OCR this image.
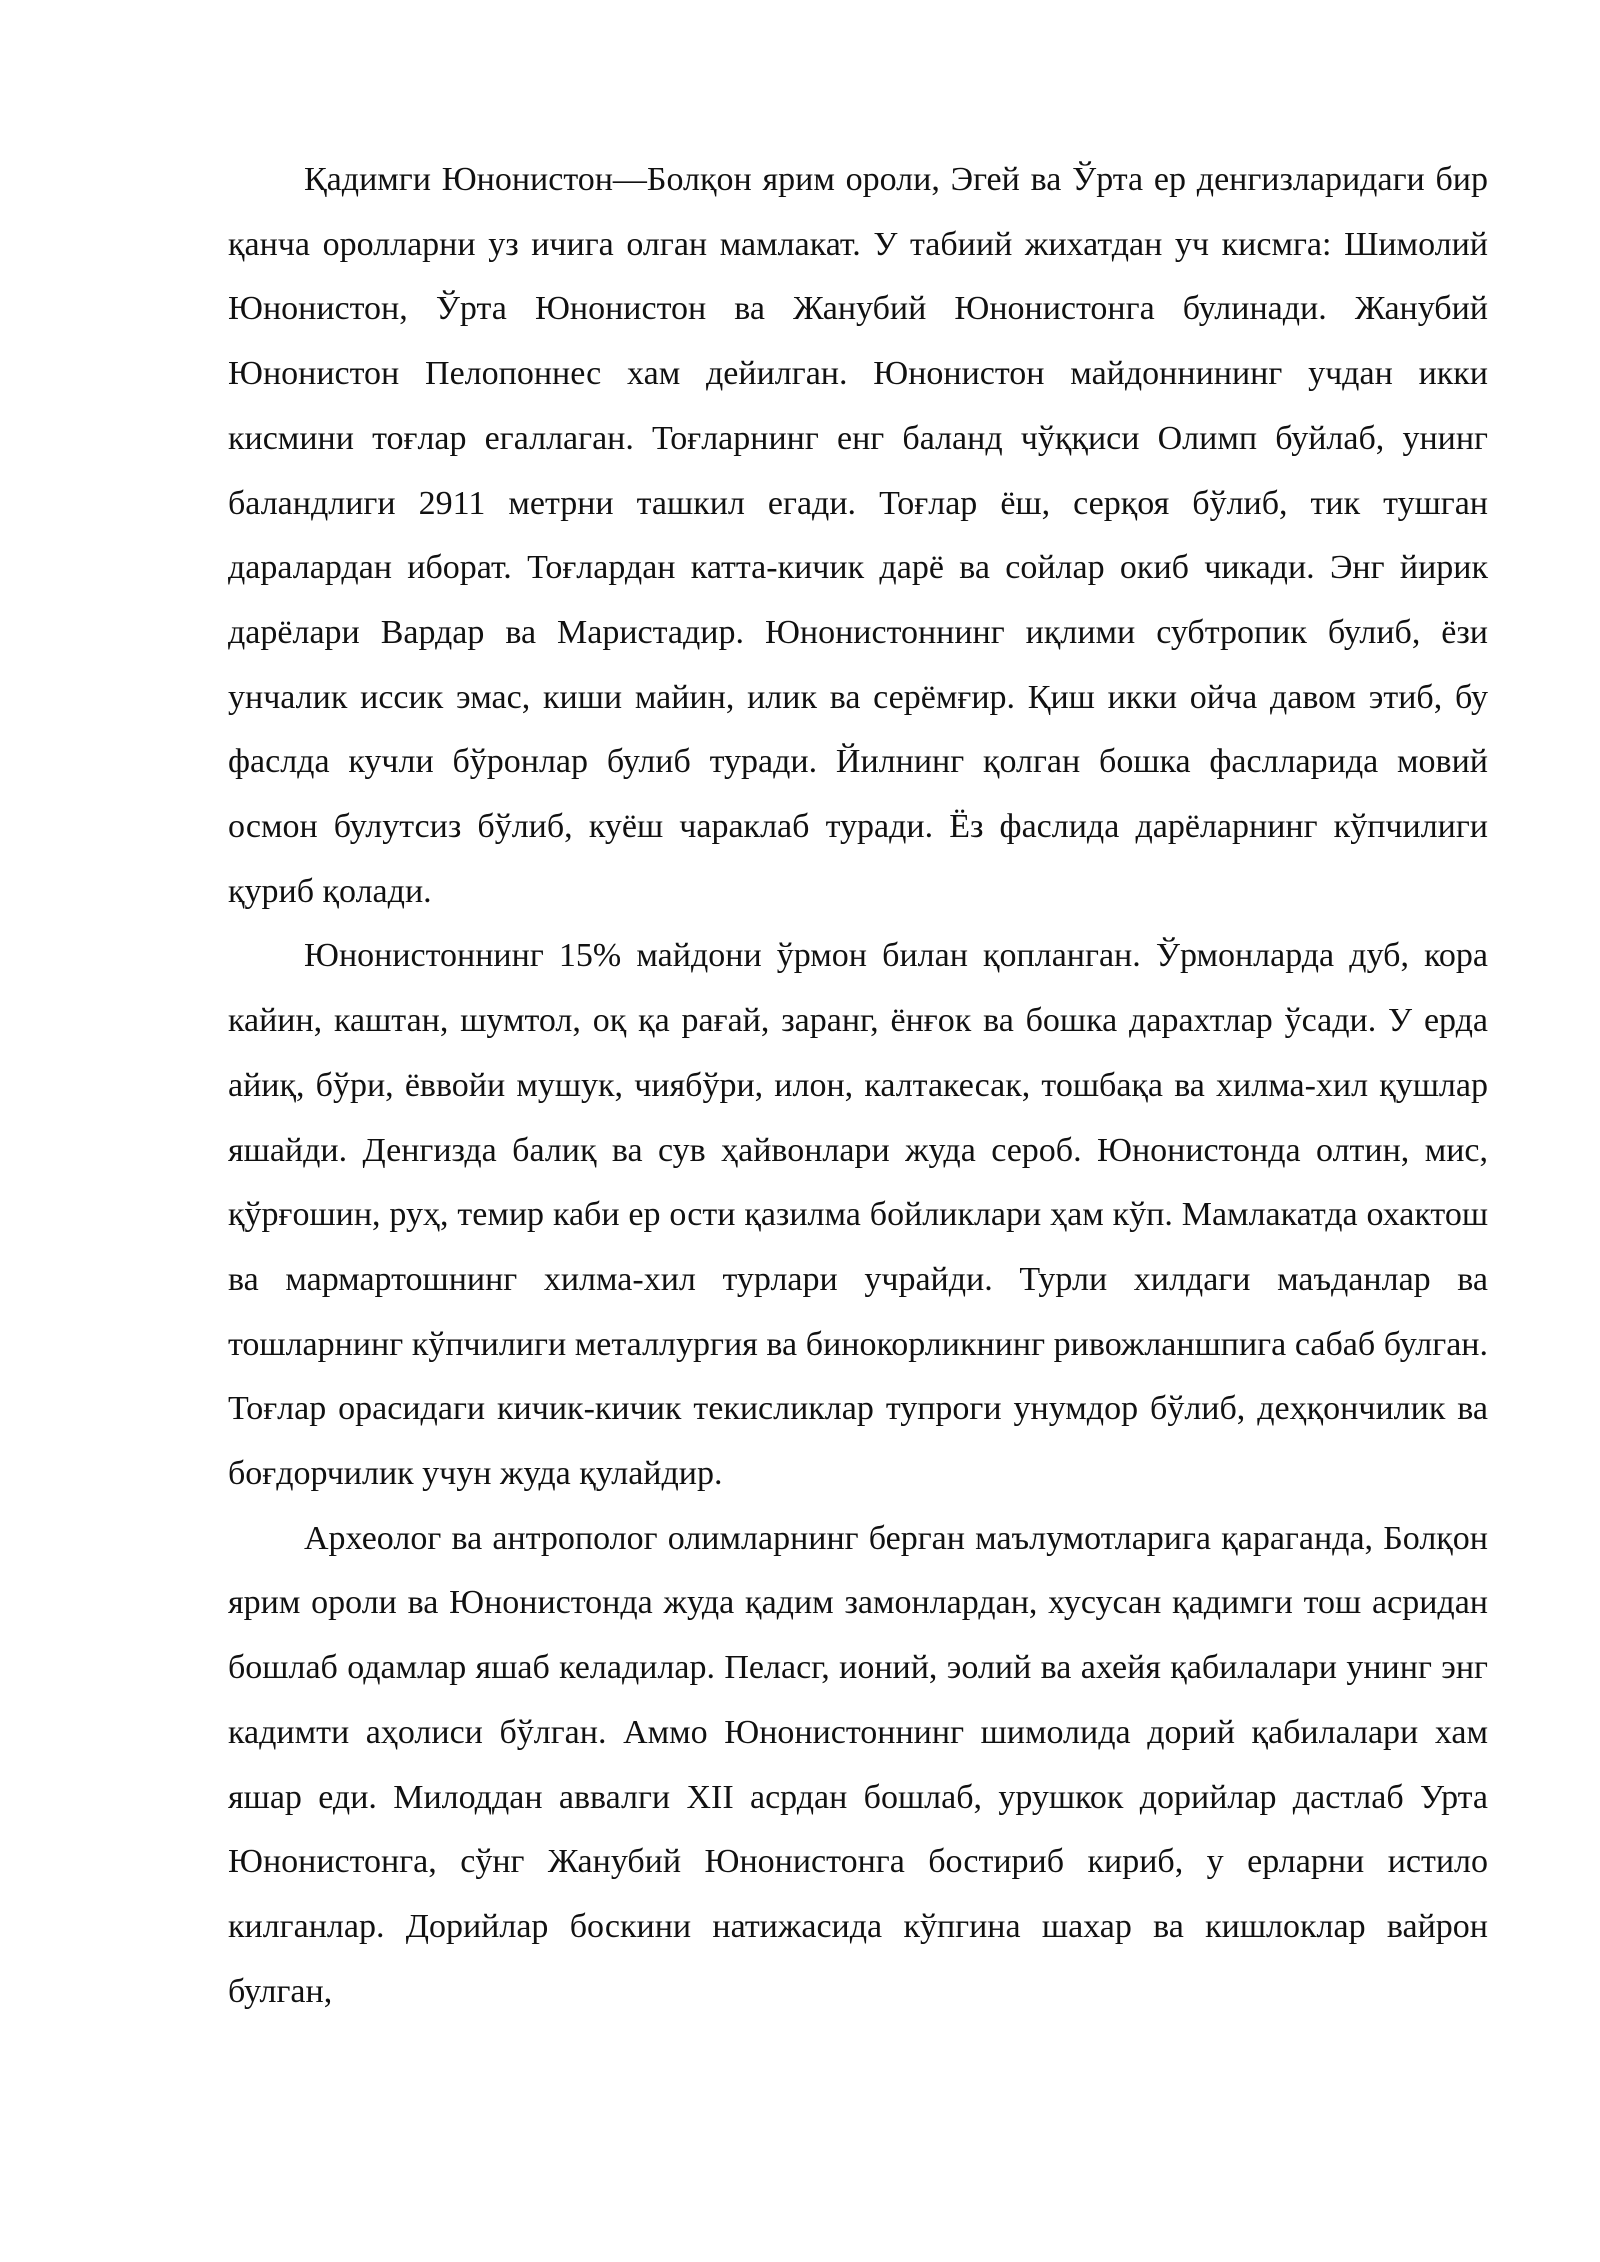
Қадимги Юнонистон—Болқон ярим ороли, Эгей ва Ўрта ер денгизларидаги бир қанча оролларни уз ичига олган мамлакат. У табиий жихатдан уч кисмга: Шимолий Юнонистон, Ўрта Юнонистон ва Жанубий Юнонистонга булинади. Жанубий Юнонистон Пелопоннес хам дейилган. Юнонистон майдоннининг учдан икки кисмини тоғлар егаллаган. Тоғларнинг енг баланд чўққиси Олимп буйлаб, унинг баландлиги 2911 метрни ташкил егади. Тоғлар ёш, серқоя бўлиб, тик тушган даралардан иборат. Тоғлардан катта-кичик дарё ва сойлар окиб чикади. Энг йирик дарёлари Вардар ва Маристадир. Юнонистоннинг иқлими субтропик булиб, ёзи унчалик иссик эмас, киши майин, илик ва серёмғир. Қиш икки ойча давом этиб, бу фаслда кучли бўронлар булиб туради. Йилнинг қолган бошка фаслларида мовий осмон булутсиз бўлиб, куёш чараклаб туради. Ёз фаслида дарёларнинг кўпчилиги қуриб қолади.

Юнонистоннинг 15% майдони ўрмон билан қопланган. Ўрмонларда дуб, кора кайин, каштан, шумтол, оқ қа рағай, заранг, ёнғок ва бошка дарахтлар ўсади. У ерда айиқ, бўри, ёввойи мушук, чиябўри, илон, калтакесак, тошбақа ва хилма-хил қушлар яшайди. Денгизда балиқ ва сув ҳайвонлари жуда сероб. Юнонистонда олтин, мис, қўрғошин, руҳ, темир каби ер ости қазилма бойликлари ҳам кўп. Мамлакатда охактош ва мармартошнинг хилма-хил турлари учрайди. Турли хилдаги маъданлар ва тошларнинг кўпчилиги металлургия ва бинокорликнинг ривожланшпига сабаб булган. Тоғлар орасидаги кичик-кичик текисликлар тупроги унумдор бўлиб, деҳқончилик ва боғдорчилик учун жуда қулайдир.

Археолог ва антрополог олимларнинг берган маълумотларига қараганда, Болқон ярим ороли ва Юнонистонда жуда қадим замонлардан, хусусан қадимги тош асридан бошлаб одамлар яшаб келадилар. Пеласг, ионий, эолий ва ахейя қабилалари унинг энг кадимти аҳолиси бўлган. Аммо Юнонистоннинг шимолида дорий қабилалари хам яшар еди. Милоддан аввалги XII асрдан бошлаб, урушкок дорийлар дастлаб Урта Юнонистонга, сўнг Жанубий Юнонистонга бостириб кириб, у ерларни истило килганлар. Дорийлар боскини натижасида кўпгина шахар ва кишлоклар вайрон булган,
